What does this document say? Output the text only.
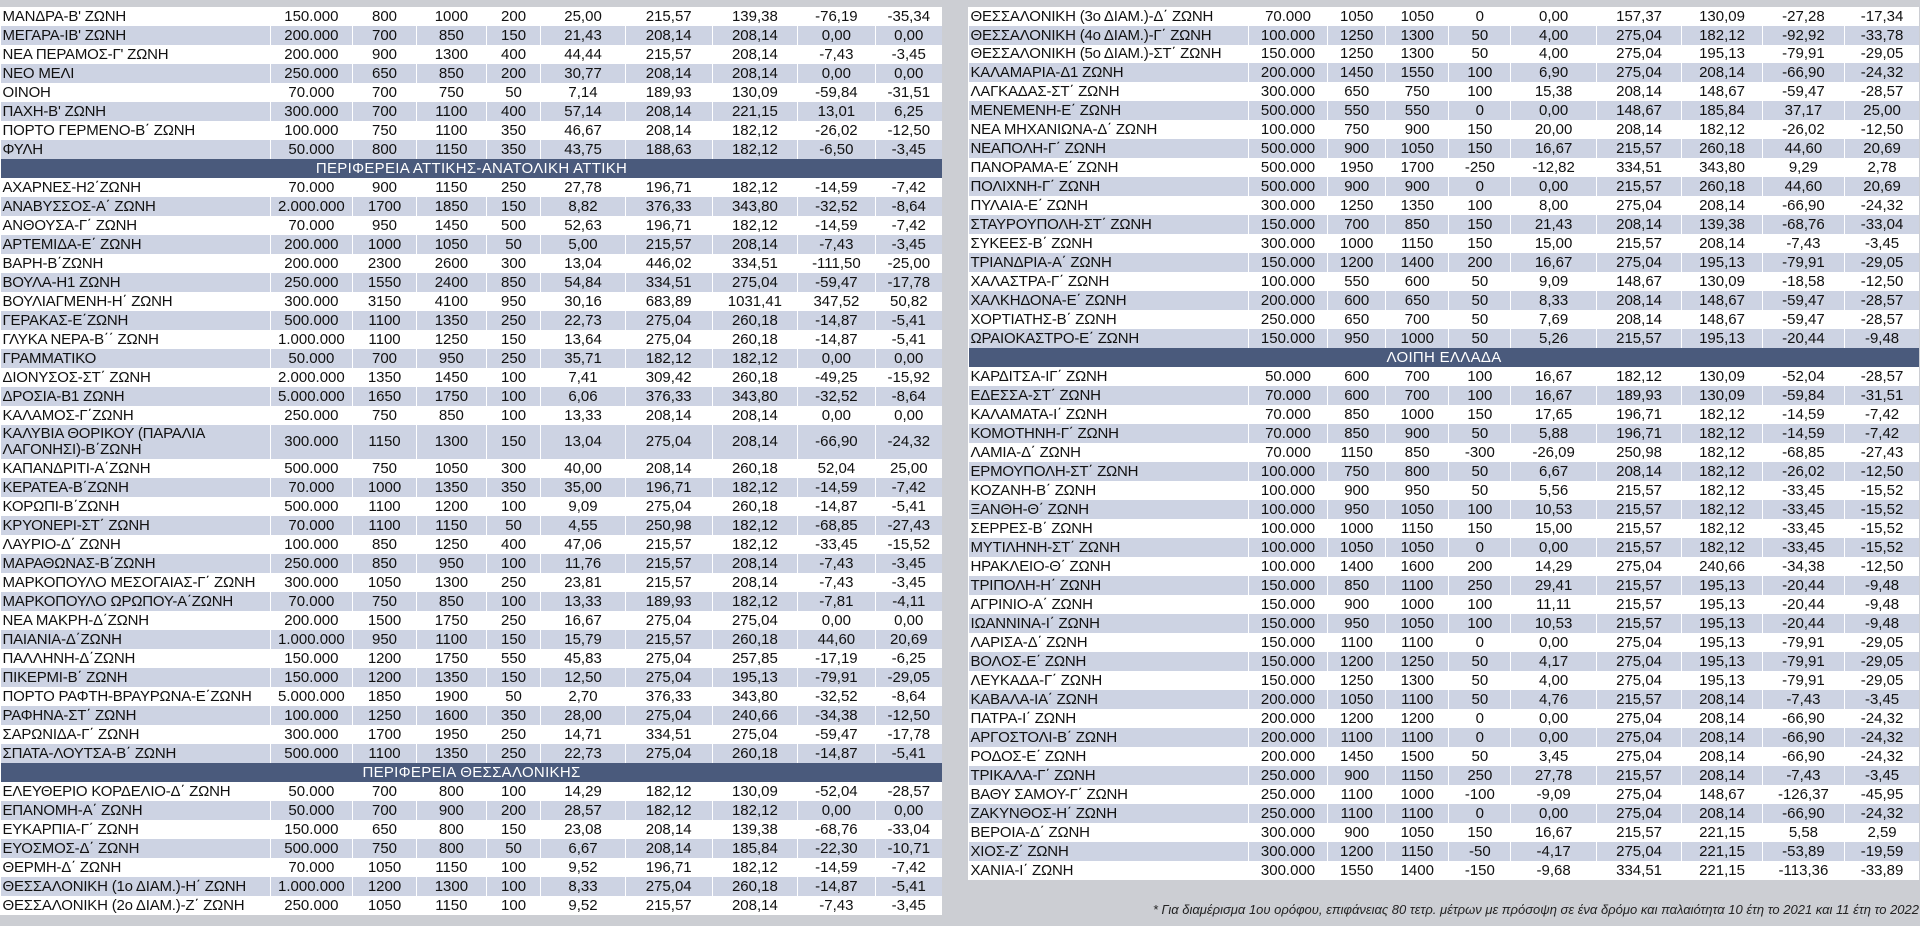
ΜΑΝΔΡΑ-Β' ΖΩΝΗ	150.000	800	1000	200	25,00	215,57	139,38	-76,19	-35,34
ΜΕΓΑΡΑ-ΙΒ' ΖΩΝΗ	200.000	700	850	150	21,43	208,14	208,14	0,00	0,00
ΝΕΑ ΠΕΡΑΜΟΣ-Γ' ΖΩΝΗ	200.000	900	1300	400	44,44	215,57	208,14	-7,43	-3,45
ΝΕΟ ΜΕΛΙ	250.000	650	850	200	30,77	208,14	208,14	0,00	0,00
ΟΙΝΟΗ	70.000	700	750	50	7,14	189,93	130,09	-59,84	-31,51
ΠΑΧΗ-Β' ΖΩΝΗ	300.000	700	1100	400	57,14	208,14	221,15	13,01	6,25
ΠΟΡΤΟ ΓΕΡΜΕΝΟ-Β΄ ΖΩΝΗ	100.000	750	1100	350	46,67	208,14	182,12	-26,02	-12,50
ΦΥΛΗ	50.000	800	1150	350	43,75	188,63	182,12	-6,50	-3,45
ΠΕΡΙΦΕΡΕΙΑ ΑΤΤΙΚΗΣ-ΑΝΑΤΟΛΙΚΗ ΑΤΤΙΚΗ									
ΑΧΑΡΝΕΣ-Η2΄ΖΩΝΗ	70.000	900	1150	250	27,78	196,71	182,12	-14,59	-7,42
ΑΝΑΒΥΣΣΟΣ-Α΄ ΖΩΝΗ	2.000.000	1700	1850	150	8,82	376,33	343,80	-32,52	-8,64
ΑΝΘΟΥΣΑ-Γ΄ ΖΩΝΗ	70.000	950	1450	500	52,63	196,71	182,12	-14,59	-7,42
ΑΡΤΕΜΙΔΑ-Ε΄ ΖΩΝΗ	200.000	1000	1050	50	5,00	215,57	208,14	-7,43	-3,45
ΒΑΡΗ-Β΄ΖΩΝΗ	200.000	2300	2600	300	13,04	446,02	334,51	-111,50	-25,00
ΒΟΥΛΑ-Η1 ΖΩΝΗ	250.000	1550	2400	850	54,84	334,51	275,04	-59,47	-17,78
ΒΟΥΛΙΑΓΜΕΝΗ-Η΄ ΖΩΝΗ	300.000	3150	4100	950	30,16	683,89	1031,41	347,52	50,82
ΓΕΡΑΚΑΣ-Ε΄ΖΩΝΗ	500.000	1100	1350	250	22,73	275,04	260,18	-14,87	-5,41
ΓΛΥΚΑ ΝΕΡΑ-Β΄΄ ΖΩΝΗ	1.000.000	1100	1250	150	13,64	275,04	260,18	-14,87	-5,41
ΓΡΑΜΜΑΤΙΚΟ	50.000	700	950	250	35,71	182,12	182,12	0,00	0,00
ΔΙΟΝΥΣΟΣ-ΣΤ΄ ΖΩΝΗ	2.000.000	1350	1450	100	7,41	309,42	260,18	-49,25	-15,92
ΔΡΟΣΙΑ-Β1 ΖΩΝΗ	5.000.000	1650	1750	100	6,06	376,33	343,80	-32,52	-8,64
ΚΑΛΑΜΟΣ-Γ΄ΖΩΝΗ	250.000	750	850	100	13,33	208,14	208,14	0,00	0,00
ΚΑΛΥΒΙΑ ΘΟΡΙΚΟΥ (ΠΑΡΑΛΙΑ ΛΑΓΟΝΗΣΙ)-Β΄ΖΩΝΗ	300.000	1150	1300	150	13,04	275,04	208,14	-66,90	-24,32
ΚΑΠΑΝΔΡΙΤΙ-Α΄ΖΩΝΗ	500.000	750	1050	300	40,00	208,14	260,18	52,04	25,00
ΚΕΡΑΤΕΑ-Β΄ΖΩΝΗ	70.000	1000	1350	350	35,00	196,71	182,12	-14,59	-7,42
ΚΟΡΩΠΙ-Β΄ΖΩΝΗ	500.000	1100	1200	100	9,09	275,04	260,18	-14,87	-5,41
ΚΡΥΟΝΕΡΙ-ΣΤ΄ ΖΩΝΗ	70.000	1100	1150	50	4,55	250,98	182,12	-68,85	-27,43
ΛΑΥΡΙΟ-Δ΄ ΖΩΝΗ	100.000	850	1250	400	47,06	215,57	182,12	-33,45	-15,52
ΜΑΡΑΘΩΝΑΣ-Β΄ΖΩΝΗ	250.000	850	950	100	11,76	215,57	208,14	-7,43	-3,45
ΜΑΡΚΟΠΟΥΛΟ ΜΕΣΟΓΑΙΑΣ-Γ΄ ΖΩΝΗ	300.000	1050	1300	250	23,81	215,57	208,14	-7,43	-3,45
ΜΑΡΚΟΠΟΥΛΟ ΩΡΩΠΟΥ-Α΄ΖΩΝΗ	70.000	750	850	100	13,33	189,93	182,12	-7,81	-4,11
ΝΕΑ ΜΑΚΡΗ-Δ΄ΖΩΝΗ	200.000	1500	1750	250	16,67	275,04	275,04	0,00	0,00
ΠΑΙΑΝΙΑ-Δ΄ΖΩΝΗ	1.000.000	950	1100	150	15,79	215,57	260,18	44,60	20,69
ΠΑΛΛΗΝΗ-Δ΄ΖΩΝΗ	150.000	1200	1750	550	45,83	275,04	257,85	-17,19	-6,25
ΠΙΚΕΡΜΙ-Β΄ ΖΩΝΗ	150.000	1200	1350	150	12,50	275,04	195,13	-79,91	-29,05
ΠΟΡΤΟ ΡΑΦΤΗ-ΒΡΑΥΡΩΝΑ-Ε΄ΖΩΝΗ	5.000.000	1850	1900	50	2,70	376,33	343,80	-32,52	-8,64
ΡΑΦΗΝΑ-ΣΤ΄ ΖΩΝΗ	100.000	1250	1600	350	28,00	275,04	240,66	-34,38	-12,50
ΣΑΡΩΝΙΔΑ-Γ΄ ΖΩΝΗ	300.000	1700	1950	250	14,71	334,51	275,04	-59,47	-17,78
ΣΠΑΤΑ-ΛΟΥΤΣΑ-Β΄ ΖΩΝΗ	500.000	1100	1350	250	22,73	275,04	260,18	-14,87	-5,41
ΠΕΡΙΦΕΡΕΙΑ ΘΕΣΣΑΛΟΝΙΚΗΣ									
ΕΛΕΥΘΕΡΙΟ ΚΟΡΔΕΛΙΟ-Δ΄ ΖΩΝΗ	50.000	700	800	100	14,29	182,12	130,09	-52,04	-28,57
ΕΠΑΝΟΜΗ-Α΄ ΖΩΝΗ	50.000	700	900	200	28,57	182,12	182,12	0,00	0,00
ΕΥΚΑΡΠΙΑ-Γ΄ ΖΩΝΗ	150.000	650	800	150	23,08	208,14	139,38	-68,76	-33,04
ΕΥΟΣΜΟΣ-Δ΄ ΖΩΝΗ	500.000	750	800	50	6,67	208,14	185,84	-22,30	-10,71
ΘΕΡΜΗ-Δ΄ ΖΩΝΗ	70.000	1050	1150	100	9,52	196,71	182,12	-14,59	-7,42
ΘΕΣΣΑΛΟΝΙΚΗ (1ο ΔΙΑΜ.)-Η΄ ΖΩΝΗ	1.000.000	1200	1300	100	8,33	275,04	260,18	-14,87	-5,41
ΘΕΣΣΑΛΟΝΙΚΗ (2ο ΔΙΑΜ.)-Ζ΄ ΖΩΝΗ	250.000	1050	1150	100	9,52	215,57	208,14	-7,43	-3,45
ΘΕΣΣΑΛΟΝΙΚΗ (3ο ΔΙΑΜ.)-Δ΄ ΖΩΝΗ	70.000	1050	1050	0	0,00	157,37	130,09	-27,28	-17,34
ΘΕΣΣΑΛΟΝΙΚΗ (4ο ΔΙΑΜ.)-Γ΄ ΖΩΝΗ	100.000	1250	1300	50	4,00	275,04	182,12	-92,92	-33,78
ΘΕΣΣΑΛΟΝΙΚΗ (5ο ΔΙΑΜ.)-ΣΤ΄ ΖΩΝΗ	150.000	1250	1300	50	4,00	275,04	195,13	-79,91	-29,05
ΚΑΛΑΜΑΡΙΑ-Δ1 ΖΩΝΗ	200.000	1450	1550	100	6,90	275,04	208,14	-66,90	-24,32
ΛΑΓΚΑΔΑΣ-ΣΤ΄ ΖΩΝΗ	300.000	650	750	100	15,38	208,14	148,67	-59,47	-28,57
ΜΕΝΕΜΕΝΗ-Ε΄ ΖΩΝΗ	500.000	550	550	0	0,00	148,67	185,84	37,17	25,00
ΝΕΑ ΜΗΧΑΝΙΩΝΑ-Δ΄ ΖΩΝΗ	100.000	750	900	150	20,00	208,14	182,12	-26,02	-12,50
ΝΕΑΠΟΛΗ-Γ΄ ΖΩΝΗ	500.000	900	1050	150	16,67	215,57	260,18	44,60	20,69
ΠΑΝΟΡΑΜΑ-Ε΄ ΖΩΝΗ	500.000	1950	1700	-250	-12,82	334,51	343,80	9,29	2,78
ΠΟΛΙΧΝΗ-Γ΄ ΖΩΝΗ	500.000	900	900	0	0,00	215,57	260,18	44,60	20,69
ΠΥΛΑΙΑ-Ε΄ ΖΩΝΗ	300.000	1250	1350	100	8,00	275,04	208,14	-66,90	-24,32
ΣΤΑΥΡΟΥΠΟΛΗ-ΣΤ΄ ΖΩΝΗ	150.000	700	850	150	21,43	208,14	139,38	-68,76	-33,04
ΣΥΚΕΕΣ-Β΄ ΖΩΝΗ	300.000	1000	1150	150	15,00	215,57	208,14	-7,43	-3,45
ΤΡΙΑΝΔΡΙΑ-Α΄ ΖΩΝΗ	150.000	1200	1400	200	16,67	275,04	195,13	-79,91	-29,05
ΧΑΛΑΣΤΡΑ-Γ΄ ΖΩΝΗ	100.000	550	600	50	9,09	148,67	130,09	-18,58	-12,50
ΧΑΛΚΗΔΟΝΑ-Ε΄ ΖΩΝΗ	200.000	600	650	50	8,33	208,14	148,67	-59,47	-28,57
ΧΟΡΤΙΑΤΗΣ-Β΄ ΖΩΝΗ	250.000	650	700	50	7,69	208,14	148,67	-59,47	-28,57
ΩΡΑΙΟΚΑΣΤΡΟ-Ε΄ ΖΩΝΗ	150.000	950	1000	50	5,26	215,57	195,13	-20,44	-9,48
ΛΟΙΠΗ ΕΛΛΑΔΑ									
ΚΑΡΔΙΤΣΑ-ΙΓ΄ ΖΩΝΗ	50.000	600	700	100	16,67	182,12	130,09	-52,04	-28,57
ΕΔΕΣΣΑ-ΣΤ΄ ΖΩΝΗ	70.000	600	700	100	16,67	189,93	130,09	-59,84	-31,51
ΚΑΛΑΜΑΤΑ-Ι΄ ΖΩΝΗ	70.000	850	1000	150	17,65	196,71	182,12	-14,59	-7,42
ΚΟΜΟΤΗΝΗ-Γ΄ ΖΩΝΗ	70.000	850	900	50	5,88	196,71	182,12	-14,59	-7,42
ΛΑΜΙΑ-Δ΄ ΖΩΝΗ	70.000	1150	850	-300	-26,09	250,98	182,12	-68,85	-27,43
ΕΡΜΟΥΠΟΛΗ-ΣΤ΄ ΖΩΝΗ	100.000	750	800	50	6,67	208,14	182,12	-26,02	-12,50
ΚΟΖΑΝΗ-Β΄ ΖΩΝΗ	100.000	900	950	50	5,56	215,57	182,12	-33,45	-15,52
ΞΑΝΘΗ-Θ΄ ΖΩΝΗ	100.000	950	1050	100	10,53	215,57	182,12	-33,45	-15,52
ΣΕΡΡΕΣ-Β΄ ΖΩΝΗ	100.000	1000	1150	150	15,00	215,57	182,12	-33,45	-15,52
ΜΥΤΙΛΗΝΗ-ΣΤ΄ ΖΩΝΗ	100.000	1050	1050	0	0,00	215,57	182,12	-33,45	-15,52
ΗΡΑΚΛΕΙΟ-Θ΄ ΖΩΝΗ	100.000	1400	1600	200	14,29	275,04	240,66	-34,38	-12,50
ΤΡΙΠΟΛΗ-Η΄ ΖΩΝΗ	150.000	850	1100	250	29,41	215,57	195,13	-20,44	-9,48
ΑΓΡΙΝΙΟ-Α΄ ΖΩΝΗ	150.000	900	1000	100	11,11	215,57	195,13	-20,44	-9,48
ΙΩΑΝΝΙΝΑ-Ι΄ ΖΩΝΗ	150.000	950	1050	100	10,53	215,57	195,13	-20,44	-9,48
ΛΑΡΙΣΑ-Δ΄ ΖΩΝΗ	150.000	1100	1100	0	0,00	275,04	195,13	-79,91	-29,05
ΒΟΛΟΣ-Ε΄ ΖΩΝΗ	150.000	1200	1250	50	4,17	275,04	195,13	-79,91	-29,05
ΛΕΥΚΑΔΑ-Γ΄ ΖΩΝΗ	150.000	1250	1300	50	4,00	275,04	195,13	-79,91	-29,05
ΚΑΒΑΛΑ-ΙΑ΄ ΖΩΝΗ	200.000	1050	1100	50	4,76	215,57	208,14	-7,43	-3,45
ΠΑΤΡΑ-Ι΄ ΖΩΝΗ	200.000	1200	1200	0	0,00	275,04	208,14	-66,90	-24,32
ΑΡΓΟΣΤΟΛΙ-Β΄ ΖΩΝΗ	200.000	1100	1100	0	0,00	275,04	208,14	-66,90	-24,32
ΡΟΔΟΣ-Ε΄ ΖΩΝΗ	200.000	1450	1500	50	3,45	275,04	208,14	-66,90	-24,32
ΤΡΙΚΑΛΑ-Γ΄ ΖΩΝΗ	250.000	900	1150	250	27,78	215,57	208,14	-7,43	-3,45
ΒΑΘΥ ΣΑΜΟΥ-Γ΄ ΖΩΝΗ	250.000	1100	1000	-100	-9,09	275,04	148,67	-126,37	-45,95
ΖΑΚΥΝΘΟΣ-Η΄ ΖΩΝΗ	250.000	1100	1100	0	0,00	275,04	208,14	-66,90	-24,32
ΒΕΡΟΙΑ-Δ΄ ΖΩΝΗ	300.000	900	1050	150	16,67	215,57	221,15	5,58	2,59
ΧΙΟΣ-Ζ΄ ΖΩΝΗ	300.000	1200	1150	-50	-4,17	275,04	221,15	-53,89	-19,59
ΧΑΝΙΑ-Ι΄ ΖΩΝΗ	300.000	1550	1400	-150	-9,68	334,51	221,15	-113,36	-33,89
* Για διαμέρισμα 1ου ορόφου, επιφάνειας 80 τετρ. μέτρων με πρόσοψη σε ένα δρόμο και παλαιότητα 10 έτη το 2021 και 11 έτη το 2022
